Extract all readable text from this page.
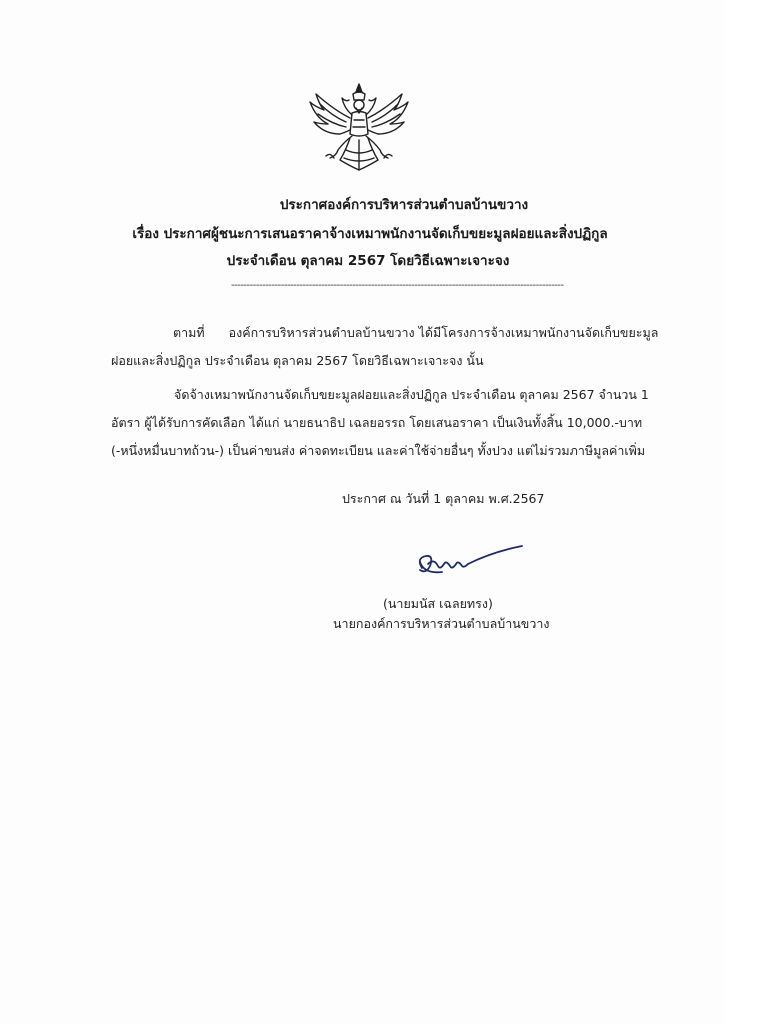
ประกาศองค์การบริหารส่วนตำบลบ้านขวาง
เรื่อง ประกาศผู้ชนะการเสนอราคาจ้างเหมาพนักงานจัดเก็บขยะมูลฝอยและสิ่งปฏิกูล
ประจำเดือน ตุลาคม 2567 โดยวิธีเฉพาะเจาะจง
-----------------------------------------------------------------------------------------------------------
ตามที่ องค์การบริหารส่วนตำบลบ้านขวาง ได้มีโครงการจ้างเหมาพนักงานจัดเก็บขยะมูล
ฝอยและสิ่งปฏิกูล ประจำเดือน ตุลาคม 2567 โดยวิธีเฉพาะเจาะจง นั้น
จัดจ้างเหมาพนักงานจัดเก็บขยะมูลฝอยและสิ่งปฏิกูล ประจำเดือน ตุลาคม 2567 จำนวน 1
อัตรา ผู้ได้รับการคัดเลือก ได้แก่ นายธนาธิป เฉลยอรรถ โดยเสนอราคา เป็นเงินทั้งสิ้น 10,000.-บาท
(-หนึ่งหมื่นบาทถ้วน-) เป็นค่าขนส่ง ค่าจดทะเบียน และค่าใช้จ่ายอื่นๆ ทั้งปวง แต่ไม่รวมภาษีมูลค่าเพิ่ม
ประกาศ ณ วันที่ 1 ตุลาคม พ.ศ.2567
(นายมนัส เฉลยทรง)
นายกองค์การบริหารส่วนตำบลบ้านขวาง
